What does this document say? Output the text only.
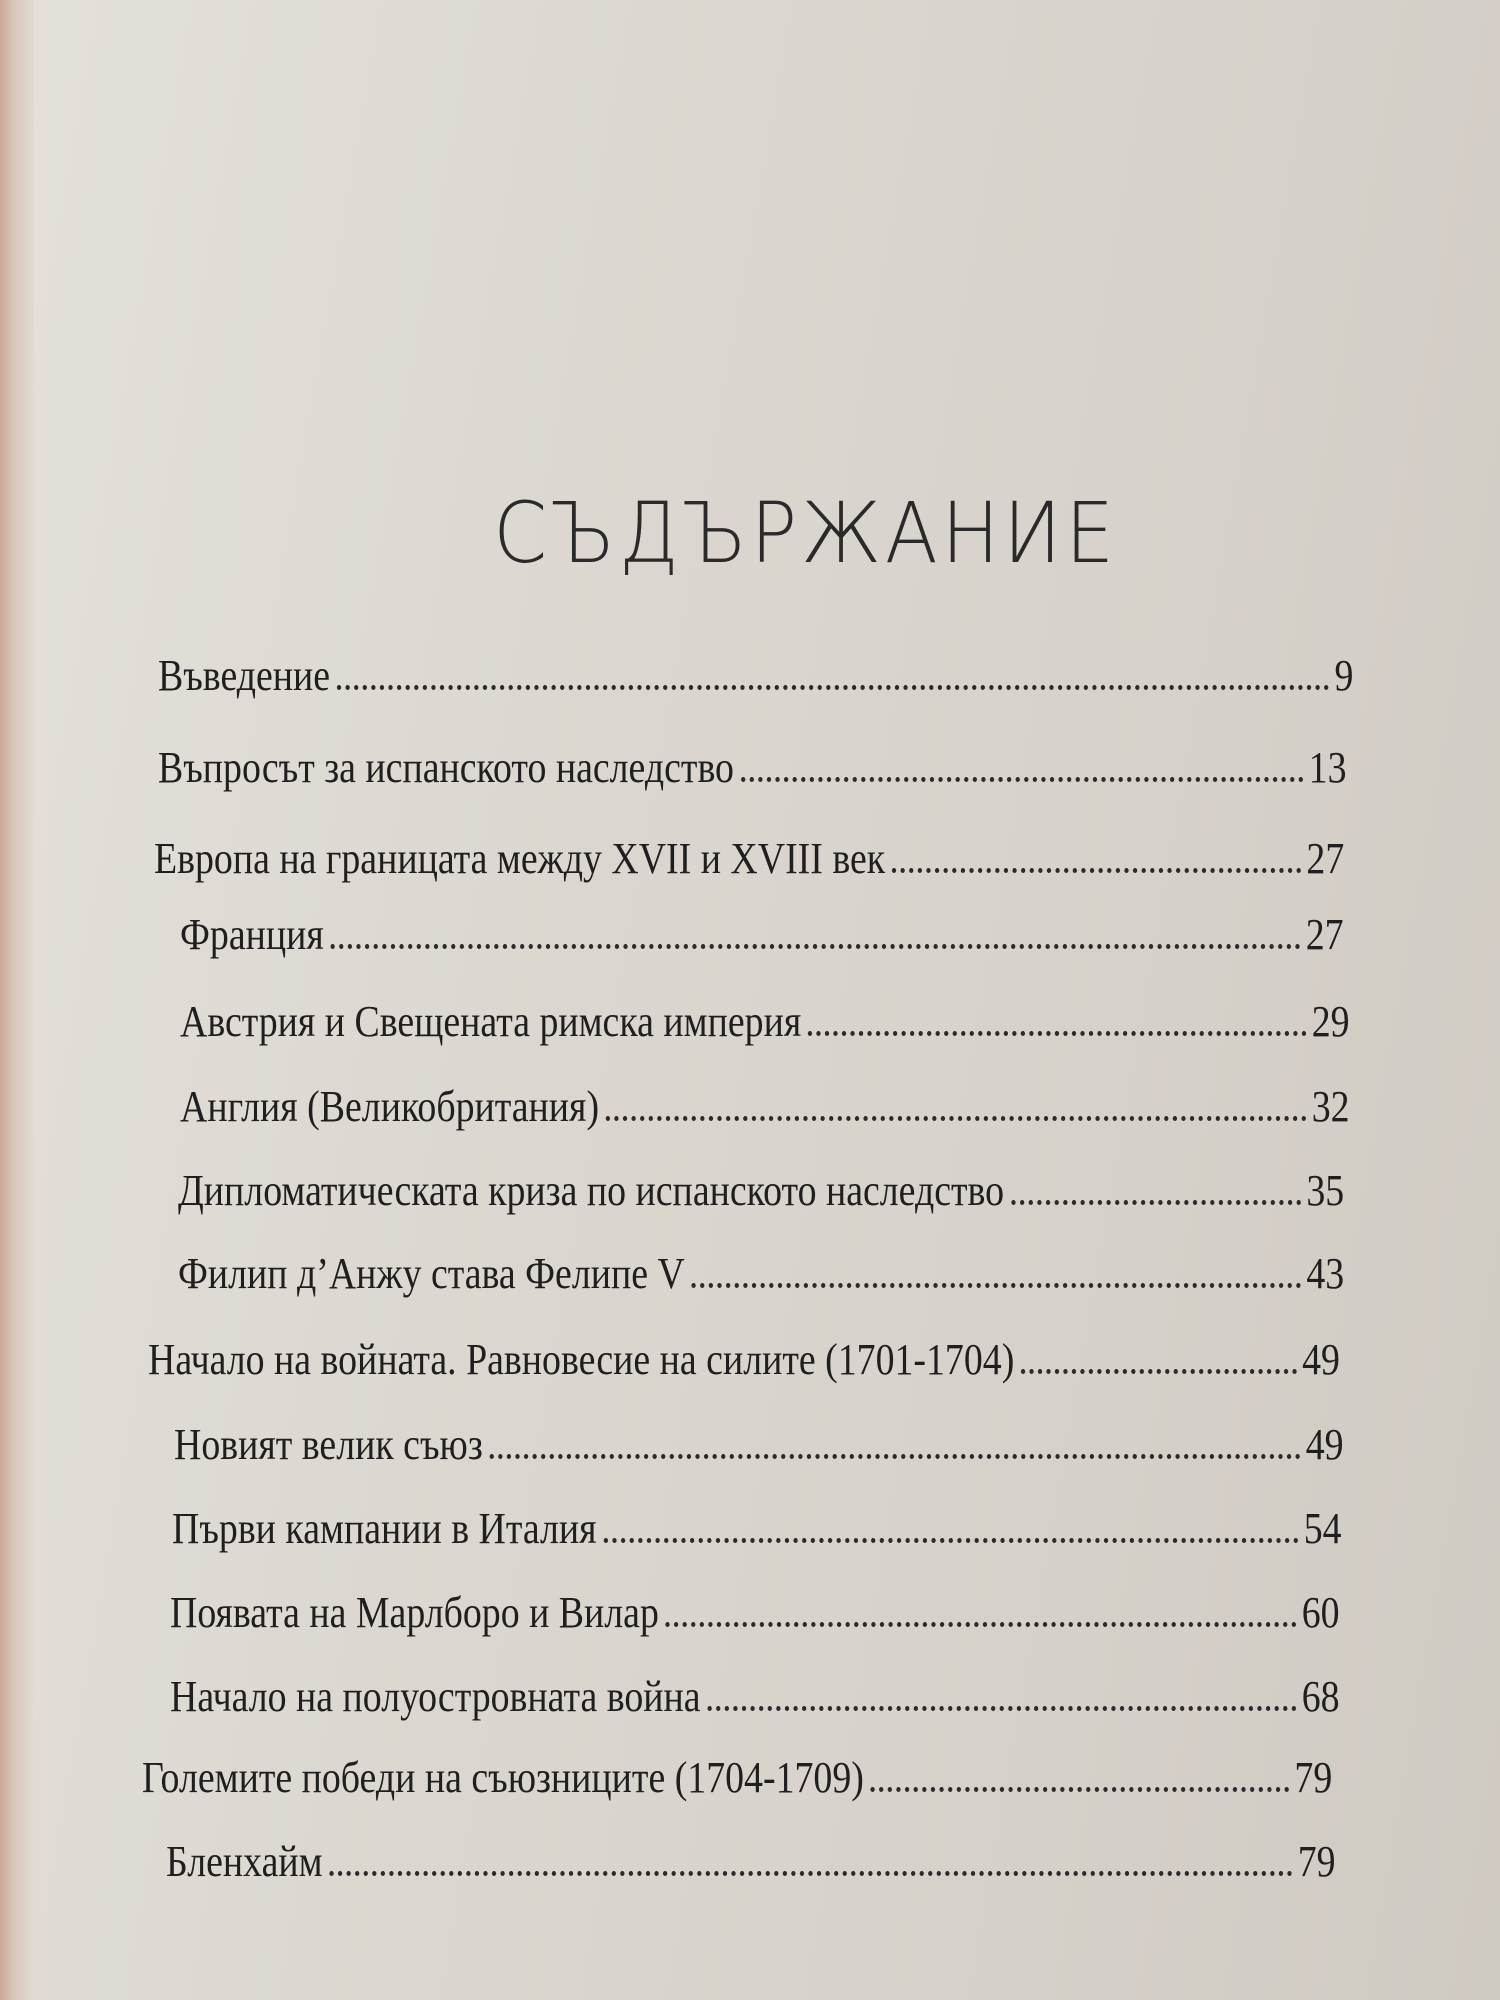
СЪДЪРЖАНИЕ
Въведение	9
Въпросът за испанското наследство	13
Европа на границата между XVII и XVIII век	27
Франция	27
Австрия и Свещената римска империя	29
Англия (Великобритания)	32
Дипломатическата криза по испанското наследство	35
Филип д’Анжу става Фелипе V	43
Начало на войната. Равновесие на силите (1701-1704)	49
Новият велик съюз	49
Първи кампании в Италия	54
Появата на Марлборо и Вилар	60
Начало на полуостровната война	68
Големите победи на съюзниците (1704-1709)	79
Бленхайм	79
